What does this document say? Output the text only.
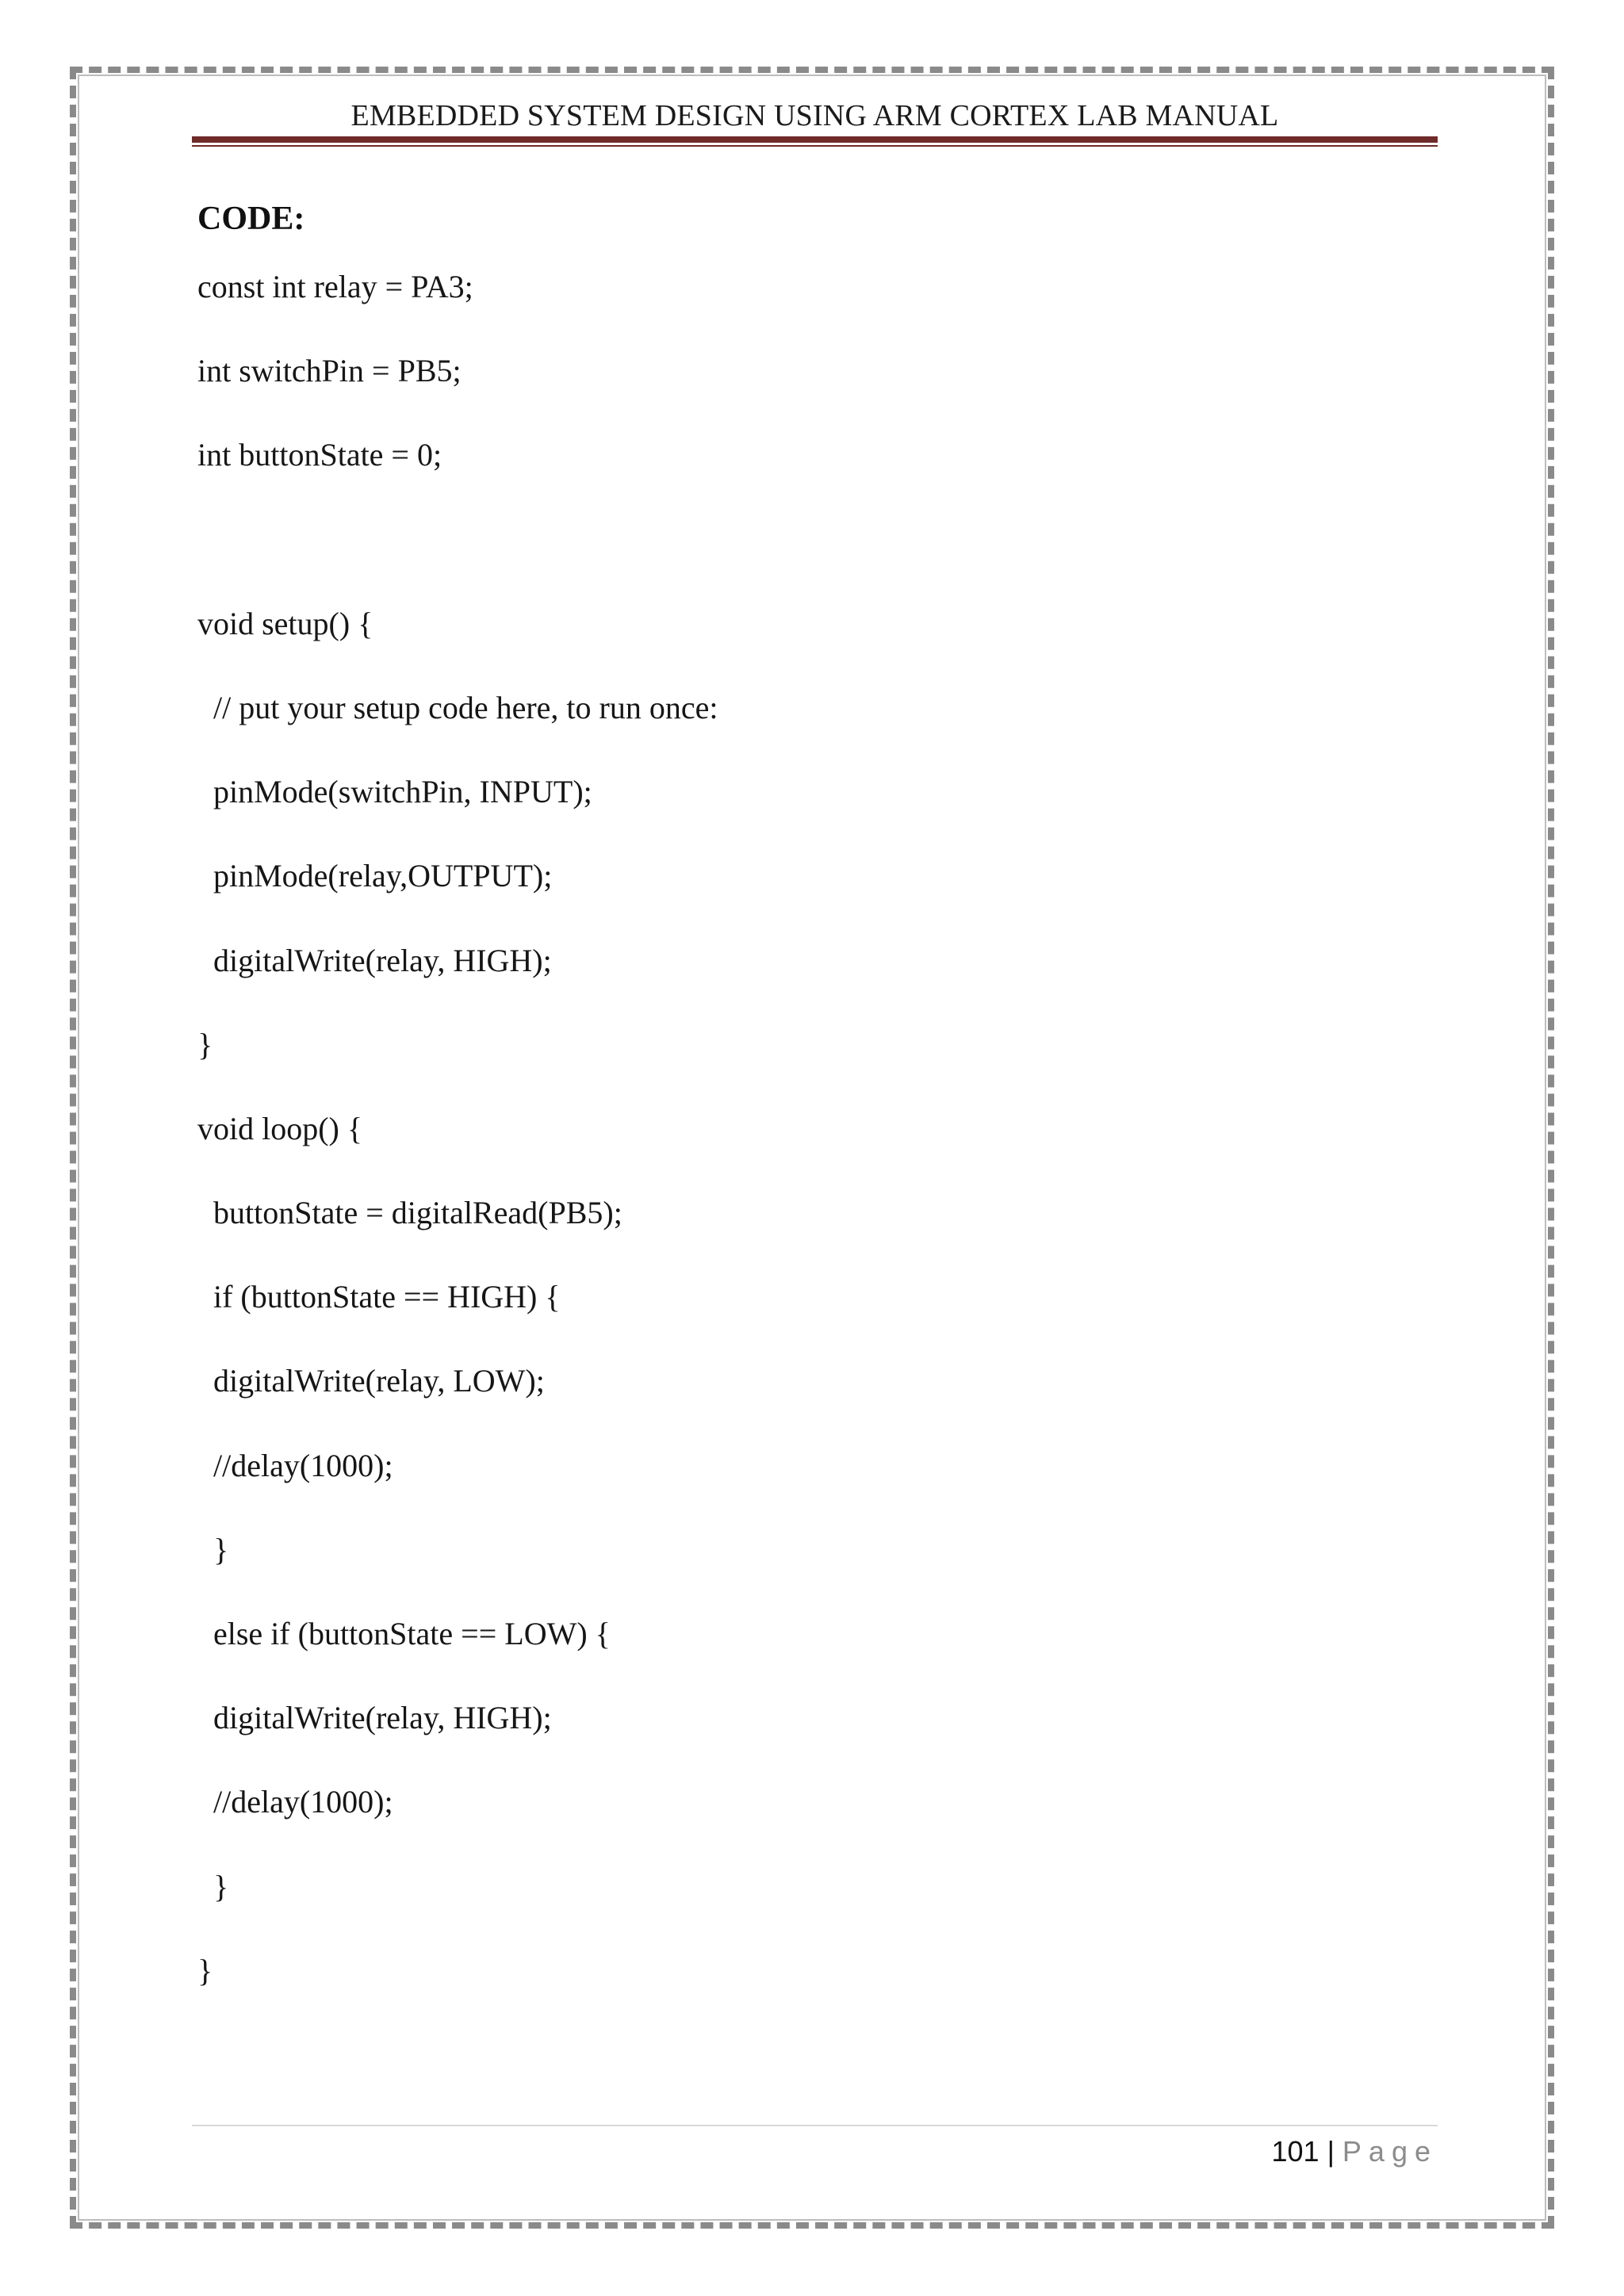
EMBEDDED SYSTEM DESIGN USING ARM CORTEX LAB MANUAL
CODE:
const int relay = PA3;
int switchPin = PB5;
int buttonState = 0;
void setup() {
// put your setup code here, to run once:
pinMode(switchPin, INPUT);
pinMode(relay,OUTPUT);
digitalWrite(relay, HIGH);
}
void loop() {
buttonState = digitalRead(PB5);
if (buttonState == HIGH) {
digitalWrite(relay, LOW);
//delay(1000);
}
else if (buttonState == LOW) {
digitalWrite(relay, HIGH);
//delay(1000);
}
}
101 | Page
